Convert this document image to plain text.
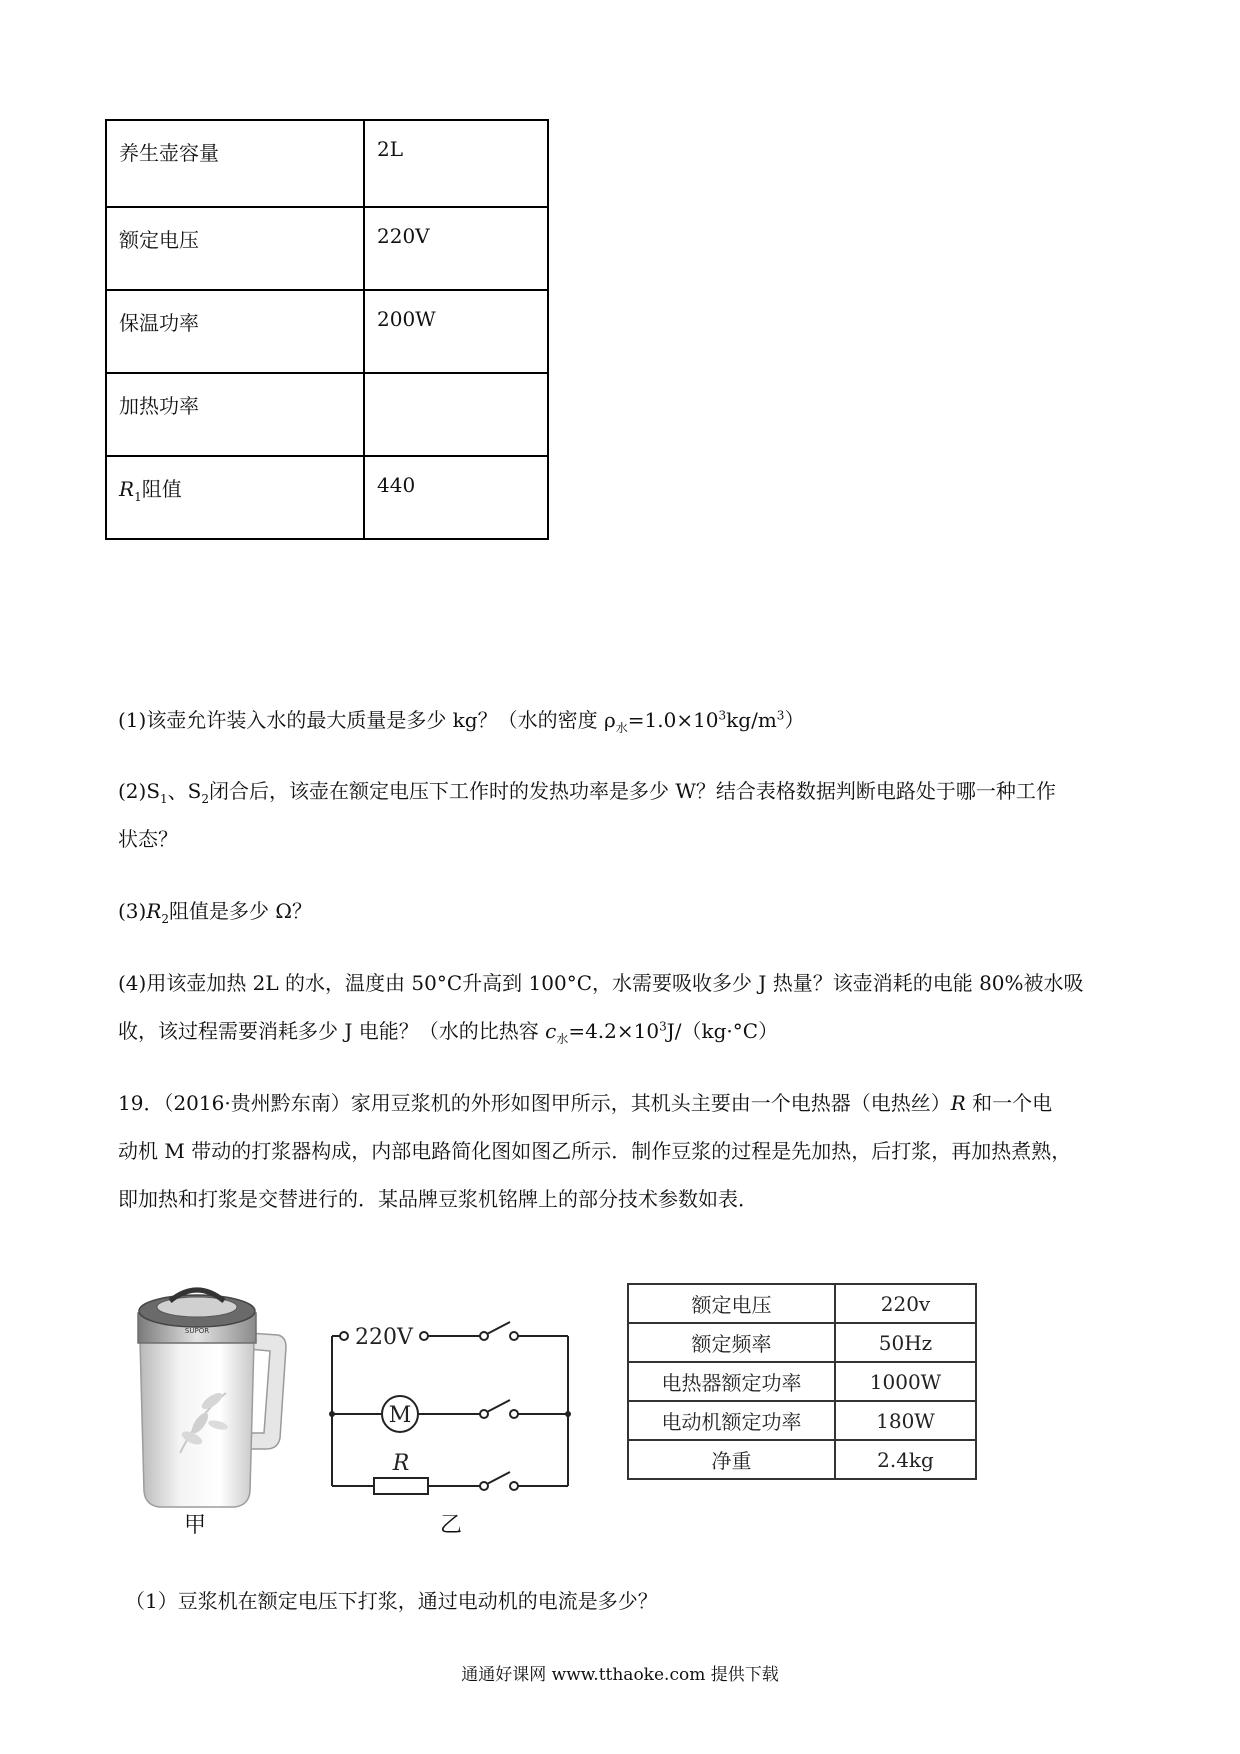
养生壶容量	2L
额定电压	220V
保温功率	200W
加热功率	
$R_1$阻值	440
(1)该壶允许装入水的最大质量是多少 kg？（水的密度 $\rho_水=1.0\times 10^3kg/m^3$）
$(2)S_1$、$S_2$闭合后，该壶在额定电压下工作时的发热功率是多少 W？结合表格数据判断电路处于哪一种工作
状态？
$(3)R_2$阻值是多少 Ω？
(4)用该壶加热 2L 的水，温度由 50°C升高到 100°C，水需要吸收多少 J 热量？该壶消耗的电能 80%被水吸
收，该过程需要消耗多少 J 电能？（水的比热容 $c_水=4.2\times 10^3J/(kg\cdot^\circ C)$
19．（2016·贵州黔东南）家用豆浆机的外形如图甲所示，其机头主要由一个电热器（电热丝）R 和一个电
动机 M 带动的打浆器构成，内部电路简化图如图乙所示．制作豆浆的过程是先加热，后打浆，再加热煮熟，
即加热和打浆是交替进行的．某品牌豆浆机铭牌上的部分技术参数如表．
SUPOR
甲
220V
M
R
乙
额定电压	220v
额定频率	50Hz
电热器额定功率	1000W
电动机额定功率	180W
净重	2.4kg
（1）豆浆机在额定电压下打浆，通过电动机的电流是多少？
通通好课网 www.tthaoke.com 提供下载
